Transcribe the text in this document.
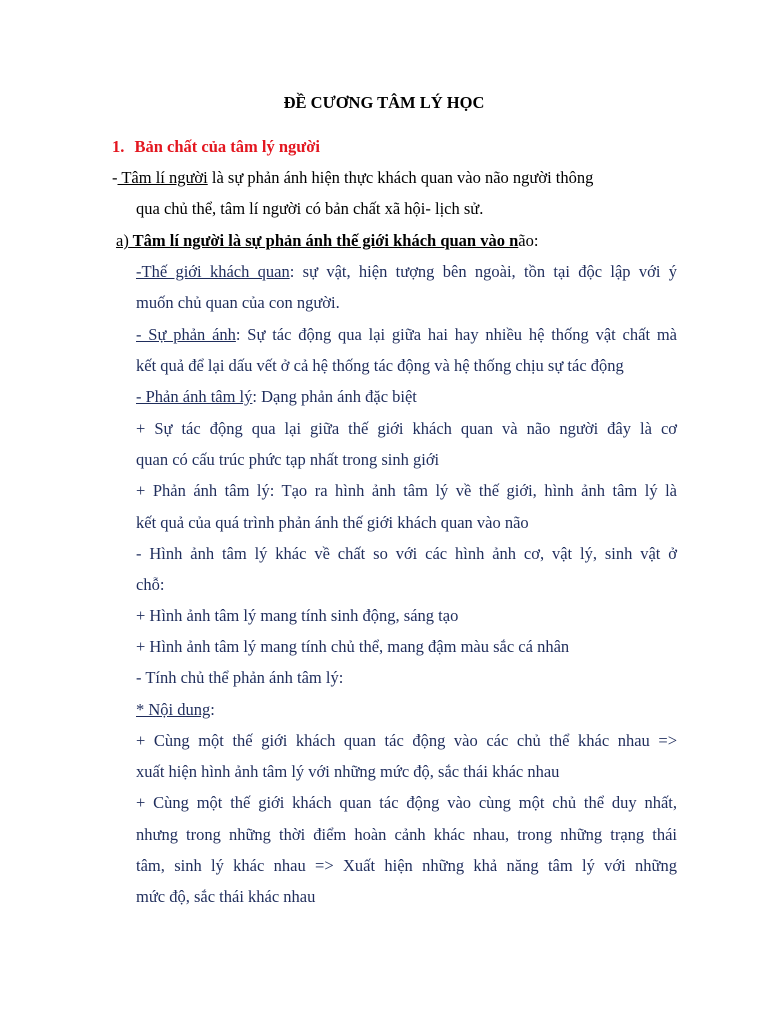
ĐỀ CƯƠNG TÂM LÝ HỌC
1. Bản chất của tâm lý người
- Tâm lí người là sự phản ánh hiện thực khách quan vào não người thông
qua chủ thể, tâm lí người có bản chất xã hội- lịch sử.
a) Tâm lí người là sự phản ánh thế giới khách quan vào não:
-Thế giới khách quan: sự vật, hiện tượng bên ngoài, tồn tại độc lập với ý
muốn chủ quan của con người.
- Sự phản ánh: Sự tác động qua lại giữa hai hay nhiều hệ thống vật chất mà
kết quả để lại dấu vết ở cả hệ thống tác động và hệ thống chịu sự tác động
- Phản ánh tâm lý: Dạng phản ánh đặc biệt
+ Sự tác động qua lại giữa thế giới khách quan và não người đây là cơ
quan có cấu trúc phức tạp nhất trong sinh giới
+ Phản ánh tâm lý: Tạo ra hình ảnh tâm lý về thế giới, hình ảnh tâm lý là
kết quả của quá trình phản ánh thế giới khách quan vào não
- Hình ảnh tâm lý khác về chất so với các hình ảnh cơ, vật lý, sinh vật ở
chỗ:
+ Hình ảnh tâm lý mang tính sinh động, sáng tạo
+ Hình ảnh tâm lý mang tính chủ thể, mang đậm màu sắc cá nhân
- Tính chủ thể phản ánh tâm lý:
* Nội dung:
+ Cùng một thế giới khách quan tác động vào các chủ thể khác nhau =>
xuất hiện hình ảnh tâm lý với những mức độ, sắc thái khác nhau
+ Cùng một thế giới khách quan tác động vào cùng một chủ thể duy nhất,
nhưng trong những thời điểm hoàn cảnh khác nhau, trong những trạng thái
tâm, sinh lý khác nhau => Xuất hiện những khả năng tâm lý với những
mức độ, sắc thái khác nhau
